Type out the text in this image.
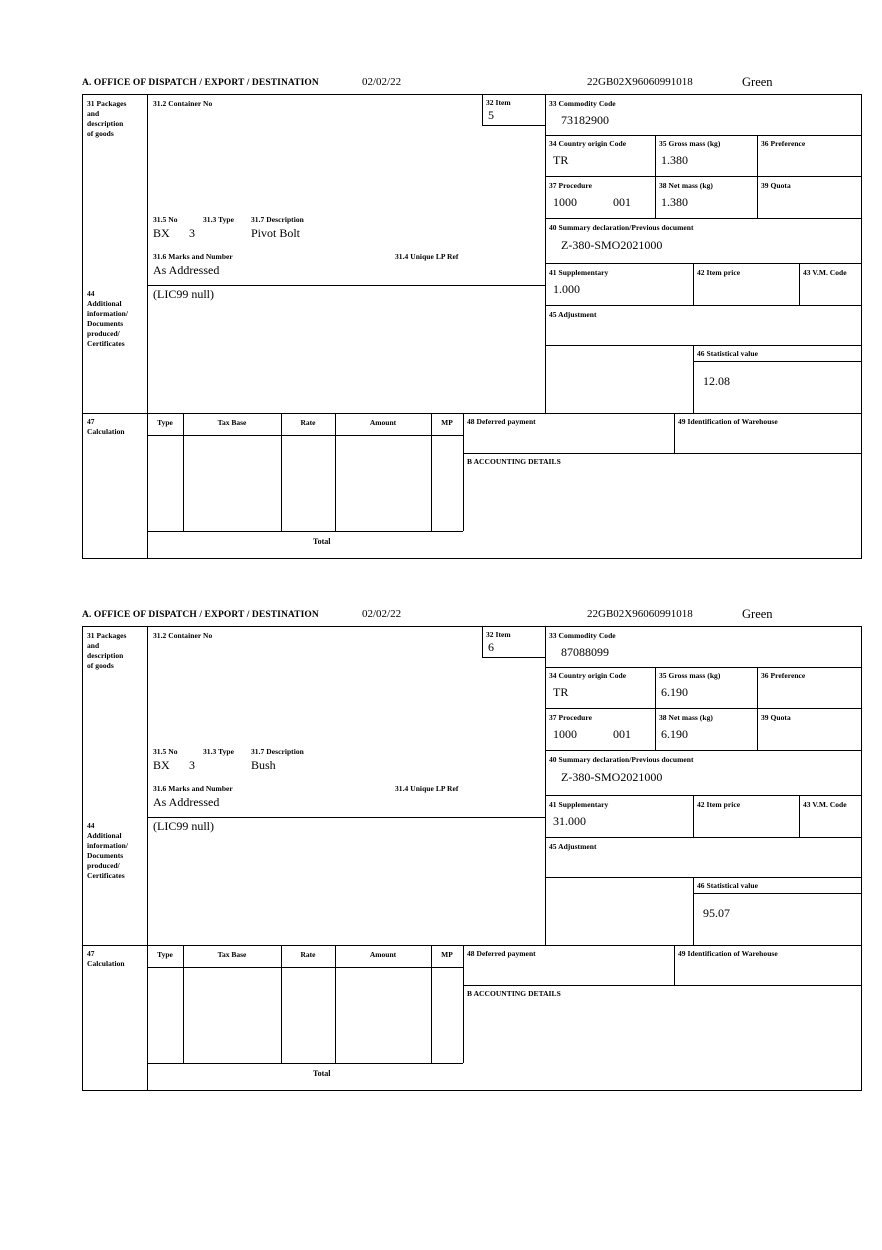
A. OFFICE OF DISPATCH / EXPORT / DESTINATION	02/02/22	22GB02X96060991018	Green
31 Packages
and
description
of goods
31.2 Container No	32 Item
5
31.5 No	31.3 Type 31.7 Description
BX 3	Pivot Bolt
31.6 Marks and Number	31.4 Unique LP Ref
As Addressed
44
Additional
information/
Documents
produced/
Certificates
(LIC99 null)
33 Commodity Code
73182900
34 Country origin Code
TR
35 Gross mass (kg)
1.380
36 Preference
37 Procedure
1000	001
38 Net mass (kg)
1.380
39 Quota
40 Summary declaration/Previous document
Z-380-SMO2021000
41 Supplementary
1.000
42 Item price	43 V.M. Code
45 Adjustment
46 Statistical value
12.08
47
Calculation
Type	Tax Base	Rate	Amount	MP
Total
48 Deferred payment	49 Identification of Warehouse
B ACCOUNTING DETAILS
A. OFFICE OF DISPATCH / EXPORT / DESTINATION	02/02/22	22GB02X96060991018	Green
31 Packages
and
description
of goods
31.2 Container No	32 Item
6
31.5 No	31.3 Type 31.7 Description
BX 3	Bush
31.6 Marks and Number	31.4 Unique LP Ref
As Addressed
44
Additional
information/
Documents
produced/
Certificates
(LIC99 null)
33 Commodity Code
87088099
34 Country origin Code
TR
35 Gross mass (kg)
6.190
36 Preference
37 Procedure
1000	001
38 Net mass (kg)
6.190
39 Quota
40 Summary declaration/Previous document
Z-380-SMO2021000
41 Supplementary
31.000
42 Item price	43 V.M. Code
45 Adjustment
46 Statistical value
95.07
47
Calculation
Type	Tax Base	Rate	Amount	MP
Total
48 Deferred payment	49 Identification of Warehouse
B ACCOUNTING DETAILS
